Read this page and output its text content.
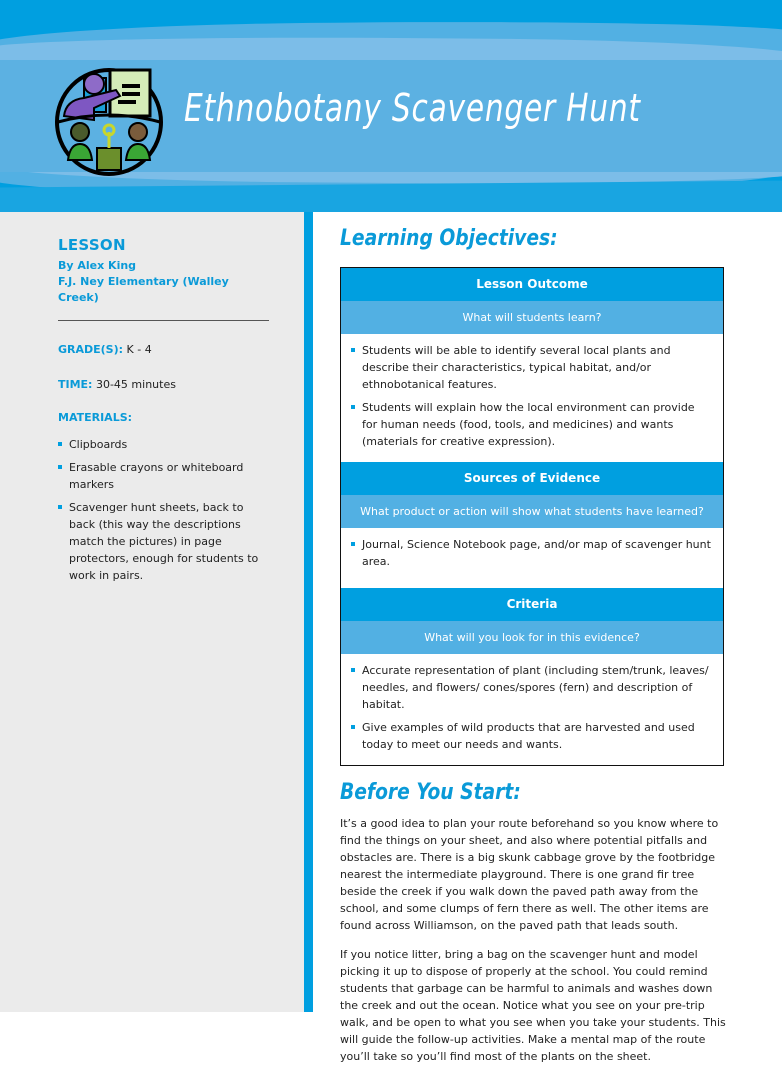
Ethnobotany Scavenger Hunt
LESSON
By Alex King
F.J. Ney Elementary (Walley Creek)
GRADE(S): K - 4
TIME: 30-45 minutes
MATERIALS:
Clipboards
Erasable crayons or whiteboard markers
Scavenger hunt sheets, back to back (this way the descriptions match the pictures) in page protectors, enough for students to work in pairs.
Learning Objectives:
Lesson Outcome
What will students learn?
Students will be able to identify several local plants and describe their characteristics, typical habitat, and/or ethnobotanical features.
Students will explain how the local environment can provide for human needs (food, tools, and medicines) and wants (materials for creative expression).
Sources of Evidence
What product or action will show what students have learned?
Journal, Science Notebook page, and/or map of scavenger hunt area.
Criteria
What will you look for in this evidence?
Accurate representation of plant (including stem/trunk, leaves/ needles, and flowers/ cones/spores (fern) and description of habitat.
Give examples of wild products that are harvested and used today to meet our needs and wants.
Before You Start:

It’s a good idea to plan your route beforehand so you know where to find the things on your sheet, and also where potential pitfalls and obstacles are. There is a big skunk cabbage grove by the footbridge nearest the intermediate playground. There is one grand fir tree beside the creek if you walk down the paved path away from the school, and some clumps of fern there as well. The other items are found across Williamson, on the paved path that leads south.

If you notice litter, bring a bag on the scavenger hunt and model picking it up to dispose of properly at the school. You could remind students that garbage can be harmful to animals and washes down the creek and out the ocean. Notice what you see on your pre-trip walk, and be open to what you see when you take your students. This will guide the follow-up activities. Make a mental map of the route you’ll take so you’ll find most of the plants on the sheet.
